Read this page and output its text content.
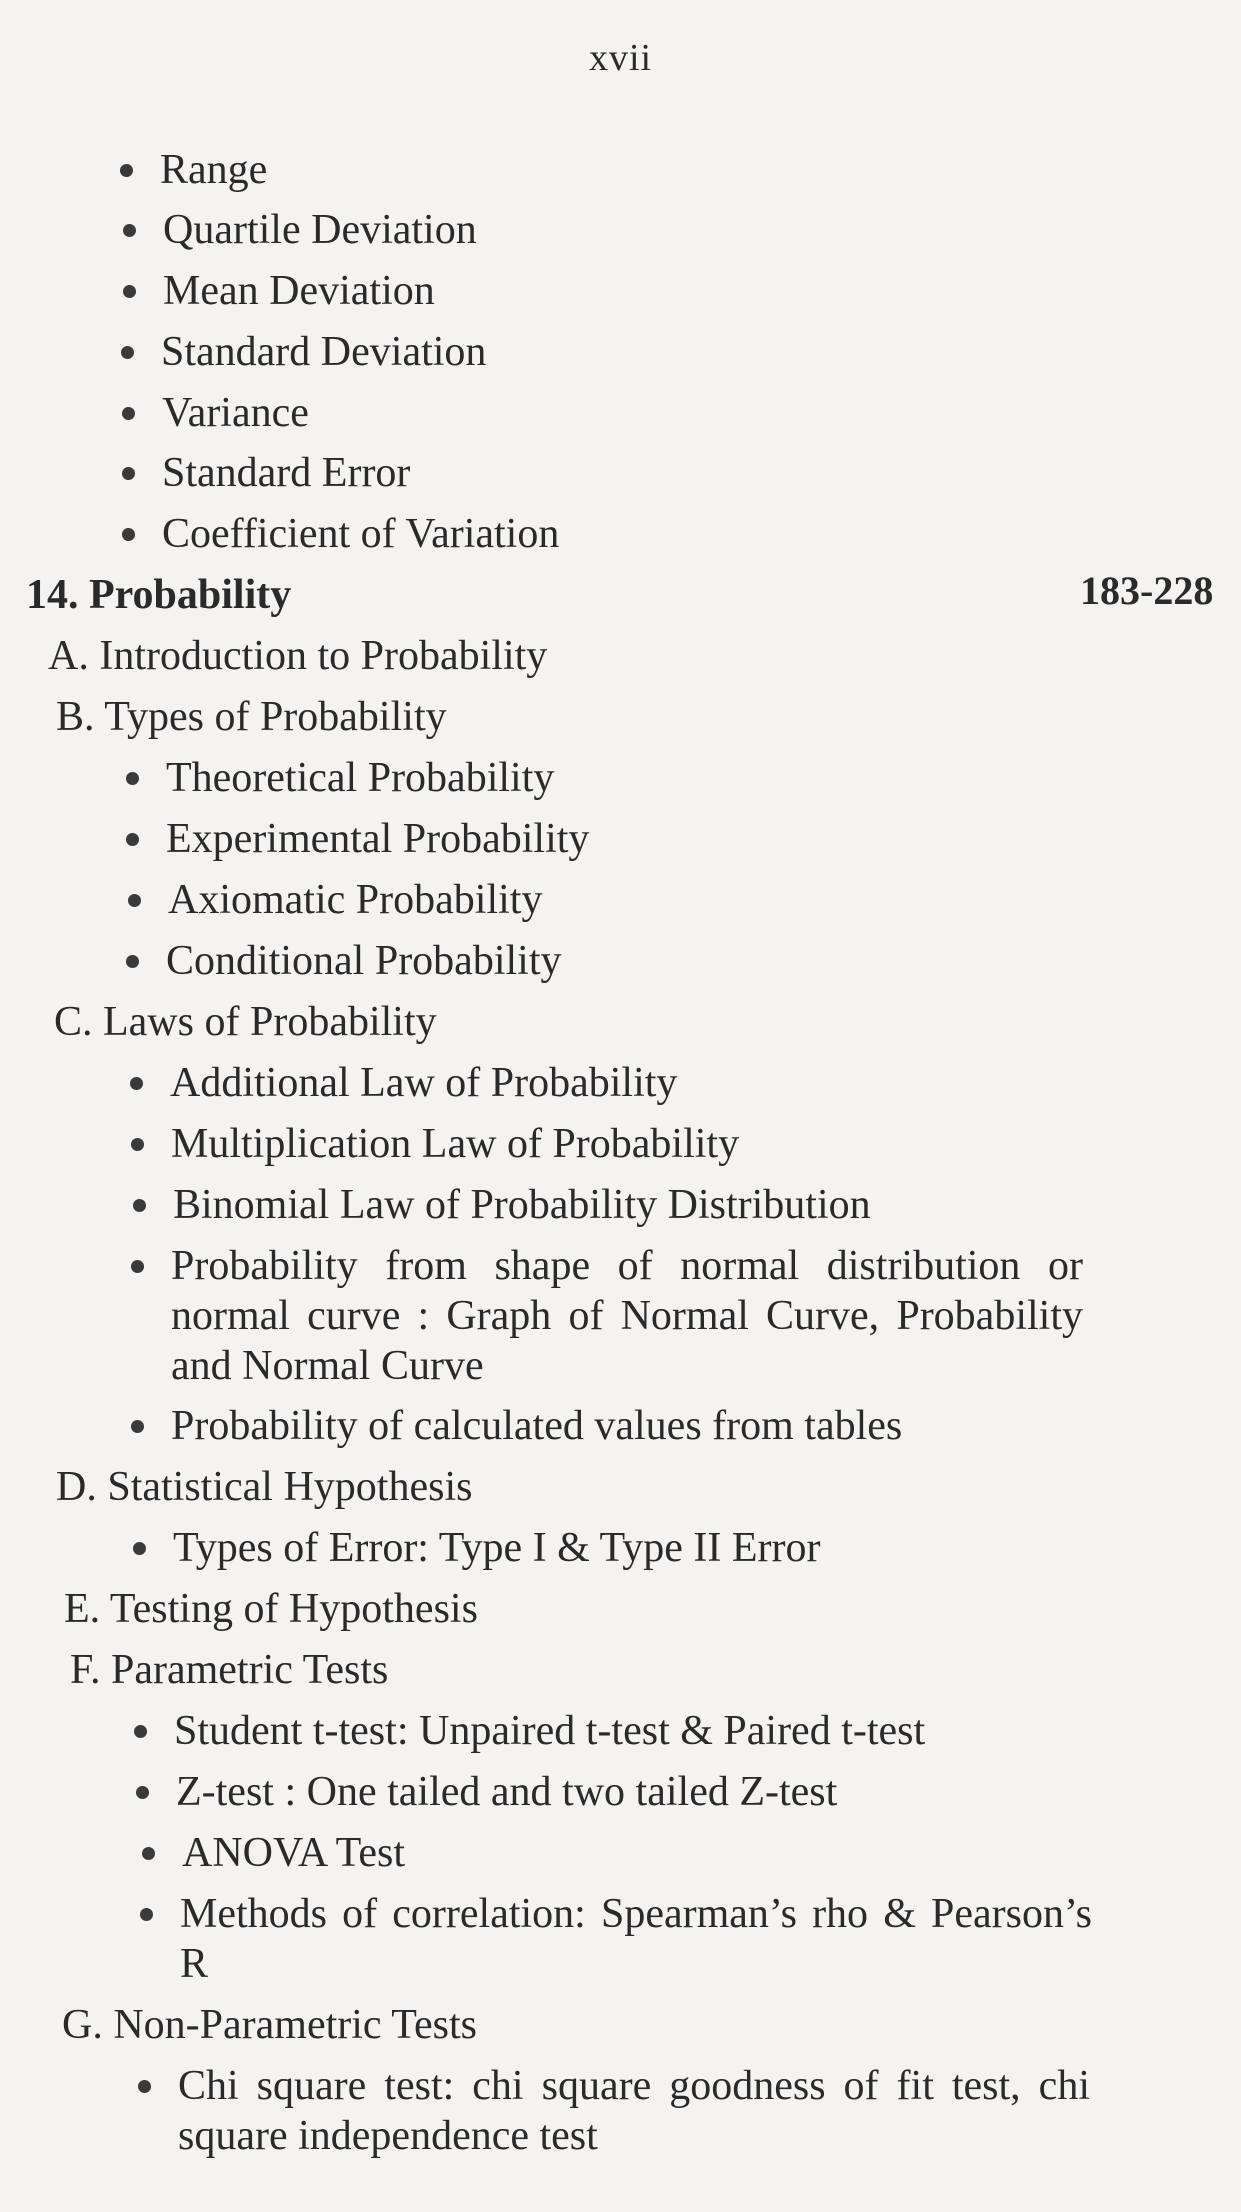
xvii
Range
Quartile Deviation
Mean Deviation
Standard Deviation
Variance
Standard Error
Coefficient of Variation
14. Probability	183-228
A. Introduction to Probability
B. Types of Probability
Theoretical Probability
Experimental Probability
Axiomatic Probability
Conditional Probability
C. Laws of Probability
Additional Law of Probability
Multiplication Law of Probability
Binomial Law of Probability Distribution
Probability from shape of normal distribution or normal curve : Graph of Normal Curve, Probability and Normal Curve
Probability of calculated values from tables
D. Statistical Hypothesis
Types of Error: Type I & Type II Error
E. Testing of Hypothesis
F. Parametric Tests
Student t-test: Unpaired t-test & Paired t-test
Z-test : One tailed and two tailed Z-test
ANOVA Test
Methods of correlation: Spearman’s rho & Pearson’s R
G. Non-Parametric Tests
Chi square test: chi square goodness of fit test, chi square independence test
